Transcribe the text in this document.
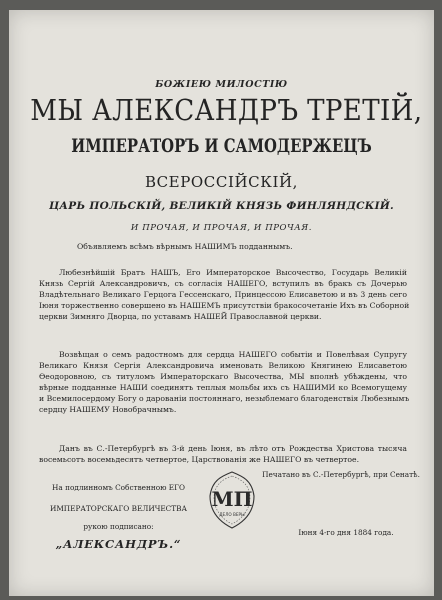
БОЖІЕЮ МИЛОСТІЮ
МЫ АЛЕКСАНДРЪ ТРЕТІЙ,
ИМПЕРАТОРЪ И САМОДЕРЖЕЦЪ
ВСЕРОССІЙСКІЙ,
ЦАРЬ ПОЛЬСКІЙ, ВЕЛИКІЙ КНЯЗЬ ФИНЛЯНДСКІЙ.
И ПРОЧАЯ, И ПРОЧАЯ, И ПРОЧАЯ.
Объявляемъ всѣмъ вѣрнымъ НАШИМЪ подданнымъ.
Любезнѣйшій Братъ НАШЪ, Его Императорское Высочество, Государь Великій
Князь Сергій Александровичъ, съ согласія НАШЕГО, вступилъ въ бракъ съ Дочерью
Владѣтельнаго Великаго Герцога Гессенскаго, Принцессою Елисаветою и въ 3 день сего
Іюня торжественно совершено въ НАШЕМЪ присутствіи бракосочетаніе Ихъ въ Соборной
церкви Зимняго Дворца, по уставамъ НАШЕЙ Православной церкви.
Возвѣщая о семъ радостномъ для сердца НАШЕГО событіи и Повелѣвая Супругу
Великаго Князя Сергія Александровича именовать Великою Княгинею Елисаветою
Ѳеодоровною, съ титуломъ Императорскаго Высочества, МЫ вполнѣ убѣждены, что
вѣрные подданные НАШИ соединятъ теплыя мольбы ихъ съ НАШИМИ ко Всемогущему
и Всемилосердому Богу о дарованіи постояннаго, незыблемаго благоденствія Любезнымъ
сердцу НАШЕМУ Новобрачнымъ.
Данъ въ С.-Петербургѣ въ 3-й день Іюня, въ лѣто отъ Рождества Христова тысяча
восемьсотъ восемьдесятъ четвертое, Царствованія же НАШЕГО въ четвертое.
На подлинномъ Собственною ЕГО
ИМПЕРАТОРСКАГО ВЕЛИЧЕСТВА
рукою подписано:
„АЛЕКСАНДРЪ.“
МП
ДЕЛО ВЕРЫ
Печатано въ С.-Петербургѣ, при Сенатѣ.
Іюня 4-го дня 1884 года.
